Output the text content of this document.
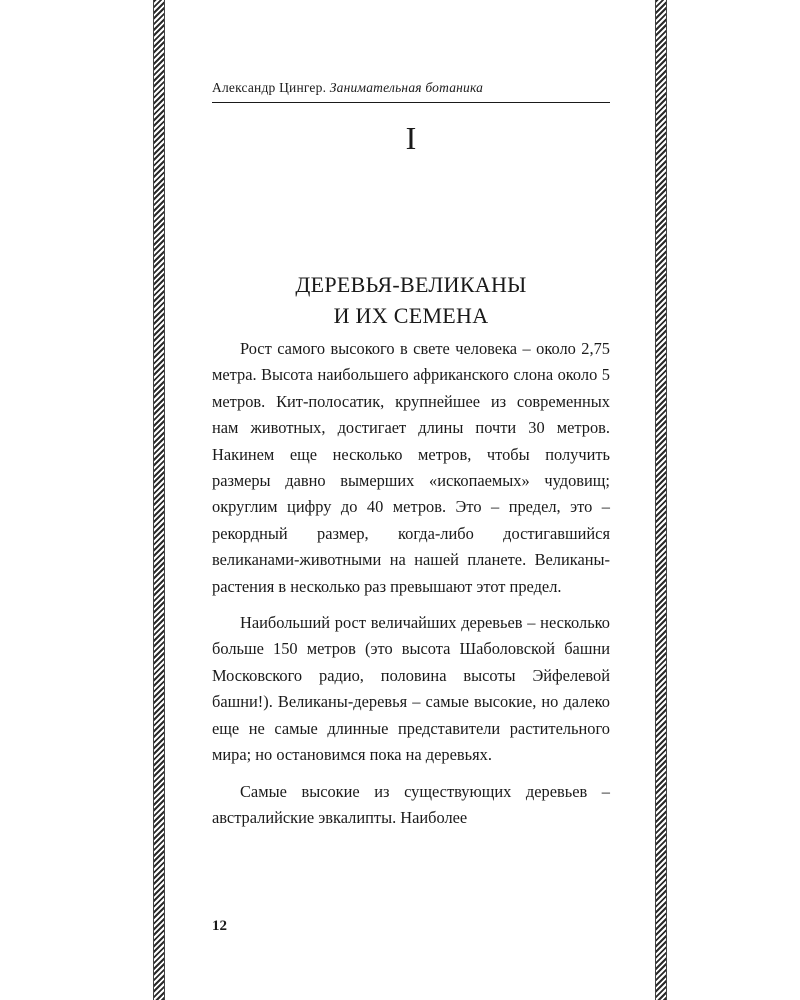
Александр Цингер. Занимательная ботаника
I
ДЕРЕВЬЯ-ВЕЛИКАНЫ
И ИХ СЕМЕНА

Рост самого высокого в свете человека – около 2,75 метра. Высота наибольшего африканского слона около 5 метров. Кит-полосатик, крупнейшее из современных нам животных, достигает длины почти 30 метров. Накинем еще несколько метров, чтобы получить размеры давно вымерших «ископаемых» чудовищ; округлим цифру до 40 метров. Это – предел, это – рекордный размер, когда-либо достигавшийся великанами-животными на нашей планете. Великаны-растения в несколько раз превышают этот предел.

Наибольший рост величайших деревьев – несколько больше 150 метров (это высота Шаболовской башни Московского радио, половина высоты Эйфелевой башни!). Великаны-деревья – самые высокие, но далеко еще не самые длинные представители растительного мира; но остановимся пока на деревьях.

Самые высокие из существующих деревьев – австралийские эвкалипты. Наиболее

12
